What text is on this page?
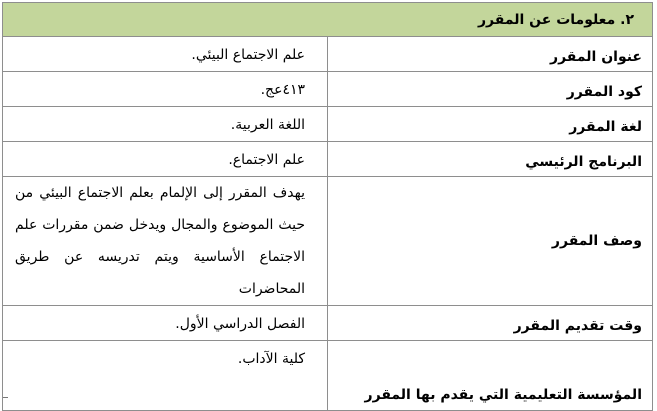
٢. معلومات عن المقرر	
عنوان المقرر	علم الاجتماع البيئي.
كود المقرر	٤١٣عج.
لغة المقرر	اللغة العربية.
البرنامج الرئيسي	علم الاجتماع.
وصف المقرر	يهدف المقرر إلى الإلمام بعلم الاجتماع البيئي من حيث الموضوع والمجال ويدخل ضمن مقررات علم الاجتماع الأساسية ويتم تدريسه عن طريق المحاضرات

وقت تقديم المقرر	الفصل الدراسي الأول.

المؤسسة التعليمية التي يقدم بها المقرر	كلية الآداب.
